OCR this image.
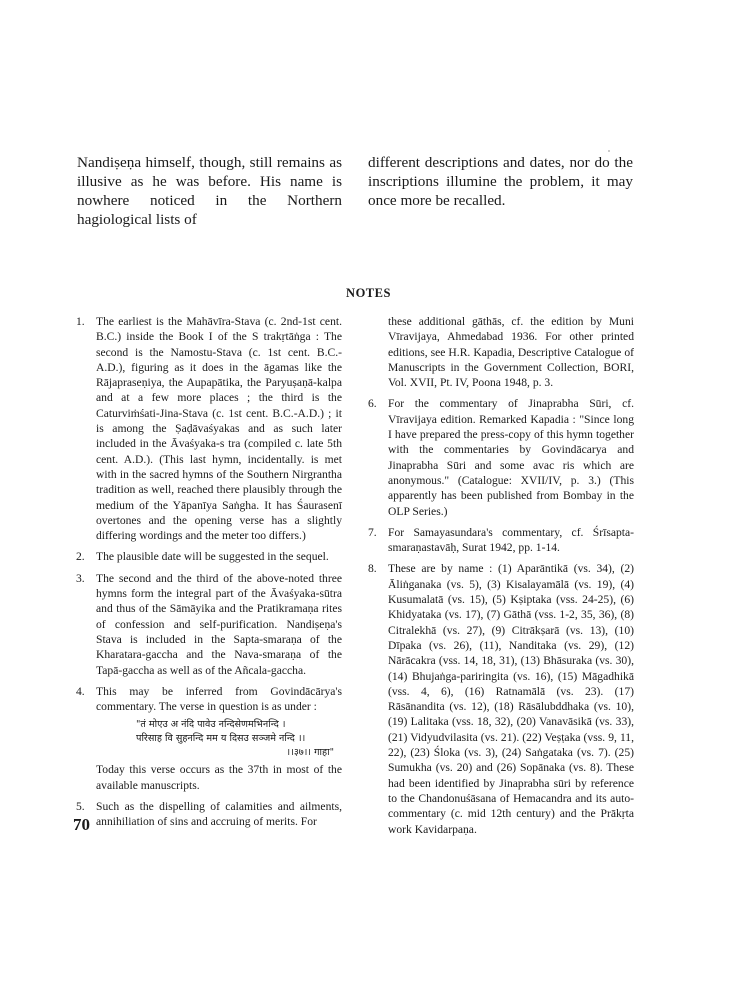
Nandiṣeṇa himself, though, still remains as illusive as he was before. His name is nowhere noticed in the Northern hagiological lists of
different descriptions and dates, nor do the inscriptions illumine the problem, it may once more be recalled.
NOTES
1. The earliest is the Mahāvīra-Stava (c. 2nd-1st cent. B.C.) inside the Book I of the S trakṛtāṅga : The second is the Namostu-Stava (c. 1st cent. B.C.-A.D.), figuring as it does in the āgamas like the Rājapraseṇiya, the Aupapātika, the Paryuṣaṇā-kalpa and at a few more places ; the third is the Caturviṁśati-Jina-Stava (c. 1st cent. B.C.-A.D.) ; it is among the Ṣaḍāvaśyakas and as such later included in the Āvaśyaka-s tra (compiled c. late 5th cent. A.D.). (This last hymn, incidentally. is met with in the sacred hymns of the Southern Nirgrantha tradition as well, reached there plausibly through the medium of the Yāpanīya Saṅgha. It has Śaurasenī overtones and the opening verse has a slightly differing wordings and the meter too differs.)
2. The plausible date will be suggested in the sequel.
3. The second and the third of the above-noted three hymns form the integral part of the Āvaśyaka-sūtra and thus of the Sāmāyika and the Pratikramaṇa rites of confession and self-purification. Nandiṣeṇa's Stava is included in the Sapta-smaraṇa of the Kharatara-gaccha and the Nava-smaraṇa of the Tapā-gaccha as well as of the Añcala-gaccha.
4. This may be inferred from Govindācārya's commentary. The verse in question is as under :
"तं मोएउ अ नंदि पावेउ नन्दिसेणमभिनन्दि ।
परिसाह वि सुहनन्दि मम य दिसउ सञ्जमे नन्दि ।।
।।३७।। गाहा"
Today this verse occurs as the 37th in most of the available manuscripts.
5. Such as the dispelling of calamities and ailments, annihiliation of sins and accruing of merits. For
these additional gāthās, cf. the edition by Muni Vīravijaya, Ahmedabad 1936. For other printed editions, see H.R. Kapadia, Descriptive Catalogue of Manuscripts in the Government Collection, BORI, Vol. XVII, Pt. IV, Poona 1948, p. 3.
6. For the commentary of Jinaprabha Sūri, cf. Vīravijaya edition. Remarked Kapadia : "Since long I have prepared the press-copy of this hymn together with the commentaries by Govindācarya and Jinaprabha Sūri and some avac ris which are anonymous." (Catalogue: XVII/IV, p. 3.) (This apparently has been published from Bombay in the OLP Series.)
7. For Samayasundara's commentary, cf. Śrīsapta-smaraṇastavāḥ, Surat 1942, pp. 1-14.
8. These are by name : (1) Aparāntikā (vs. 34), (2) Āliṅganaka (vs. 5), (3) Kisalayamālā (vs. 19), (4) Kusumalatā (vs. 15), (5) Kṣiptaka (vss. 24-25), (6) Khidyataka (vs. 17), (7) Gāthā (vss. 1-2, 35, 36), (8) Citralekhā (vs. 27), (9) Citrākṣarā (vs. 13), (10) Dīpaka (vs. 26), (11), Nanditaka (vs. 29), (12) Nārācakra (vss. 14, 18, 31), (13) Bhāsuraka (vs. 30), (14) Bhujaṅga-pariringita (vs. 16), (15) Māgadhikā (vss. 4, 6), (16) Ratnamālā (vs. 23). (17) Rāsānandita (vs. 12), (18) Rāsālubddhaka (vs. 10), (19) Lalitaka (vss. 18, 32), (20) Vanavāsikā (vs. 33), (21) Vidyudvilasita (vs. 21). (22) Veṣṭaka (vss. 9, 11, 22), (23) Śloka (vs. 3), (24) Saṅgataka (vs. 7). (25) Sumukha (vs. 20) and (26) Sopānaka (vs. 8). These had been identified by Jinaprabha sūri by reference to the Chandonuśāsana of Hemacandra and its auto-commentary (c. mid 12th century) and the Prākṛta work Kavidarpaṇa.
70
